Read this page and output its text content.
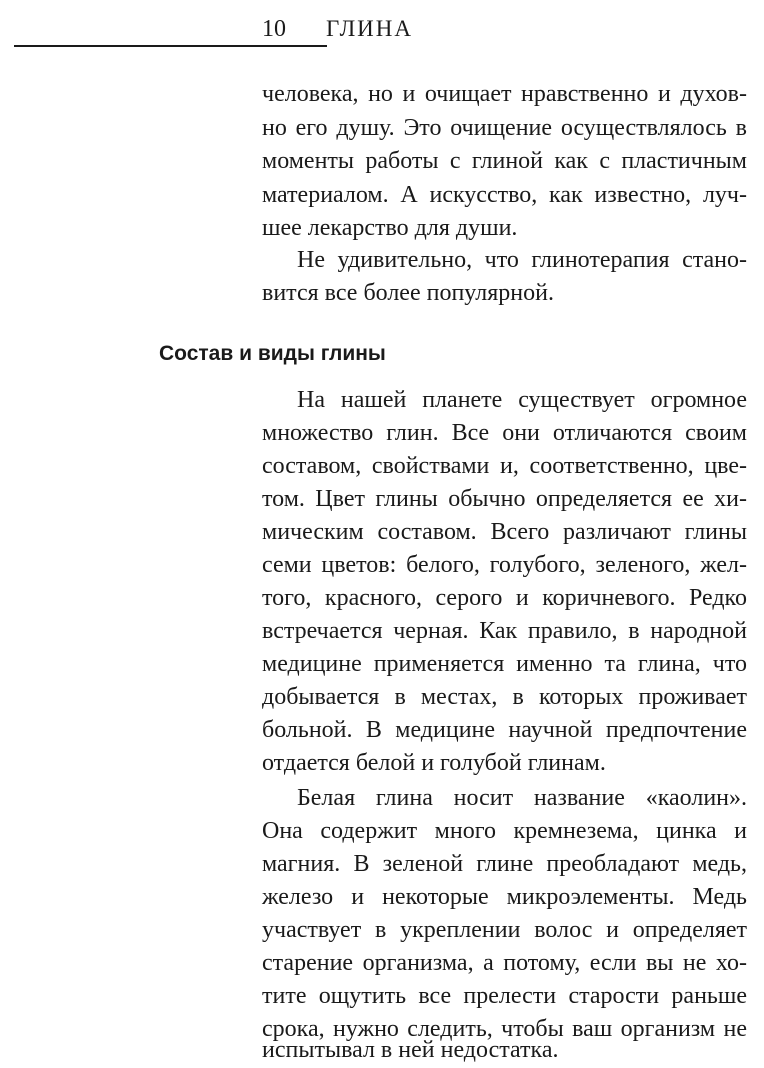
10 ГЛИНА
человека, но и очищает нравственно и духов-
но его душу. Это очищение осуществлялось в
моменты работы с глиной как с пластичным
материалом. А искусство, как известно, луч-
шее лекарство для души.
Не удивительно, что глинотерапия стано-
вится все более популярной.
Состав и виды глины
На нашей планете существует огромное
множество глин. Все они отличаются своим
составом, свойствами и, соответственно, цве-
том. Цвет глины обычно определяется ее хи-
мическим составом. Всего различают глины
семи цветов: белого, голубого, зеленого, жел-
того, красного, серого и коричневого. Редко
встречается черная. Как правило, в народной
медицине применяется именно та глина, что
добывается в местах, в которых проживает
больной. В медицине научной предпочтение
отдается белой и голубой глинам.
Белая глина носит название «каолин».
Она содержит много кремнезема, цинка и
магния. В зеленой глине преобладают медь,
железо и некоторые микроэлементы. Медь
участвует в укреплении волос и определяет
старение организма, а потому, если вы не хо-
тите ощутить все прелести старости раньше
срока, нужно следить, чтобы ваш организм не
испытывал в ней недостатка.
